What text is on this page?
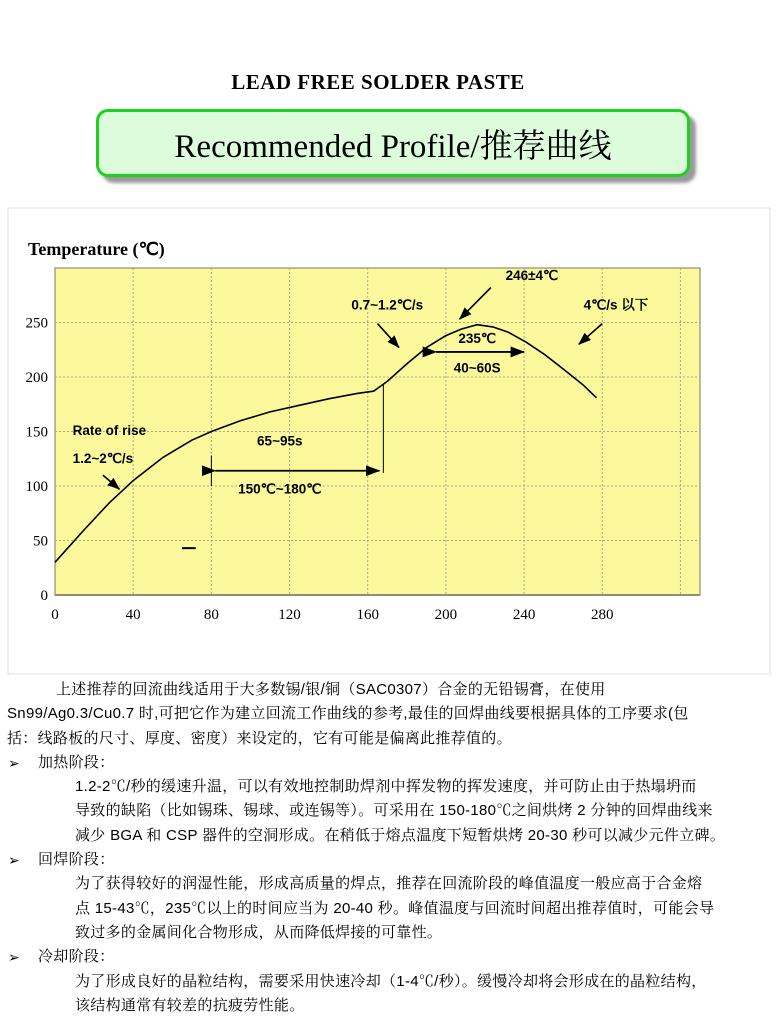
LEAD FREE SOLDER PASTE
Recommended Profile/推荐曲线
0
50
100
150
200
250
0	40	80	120	160	200	240	280
Rate of rise
1.2~2℃/s
0.7~1.2℃/s
246±4℃
4℃/s 以下
235℃
40~60S
65~95s
150℃~180℃
Temperature (℃)
上述推荐的回流曲线适用于大多数锡/银/铜（SAC0307）合金的无铅锡膏，在使用
Sn99/Ag0.3/Cu0.7 时,可把它作为建立回流工作曲线的参考,最佳的回焊曲线要根据具体的工序要求(包
括：线路板的尺寸、厚度、密度）来设定的，它有可能是偏离此推荐值的。
➢ 加热阶段：
1.2-2℃/秒的缓速升温，可以有效地控制助焊剂中挥发物的挥发速度，并可防止由于热塌坍而
导致的缺陷（比如锡珠、锡球、或连锡等）。可采用在 150-180℃之间烘烤 2 分钟的回焊曲线来
减少 BGA 和 CSP 器件的空洞形成。在稍低于熔点温度下短暂烘烤 20-30 秒可以减少元件立碑。
➢ 回焊阶段：
为了获得较好的润湿性能，形成高质量的焊点，推荐在回流阶段的峰值温度一般应高于合金熔
点 15-43℃，235℃以上的时间应当为 20-40 秒。峰值温度与回流时间超出推荐值时，可能会导
致过多的金属间化合物形成，从而降低焊接的可靠性。
➢ 冷却阶段：
为了形成良好的晶粒结构，需要采用快速冷却（1-4℃/秒）。缓慢冷却将会形成在的晶粒结构，
该结构通常有较差的抗疲劳性能。
